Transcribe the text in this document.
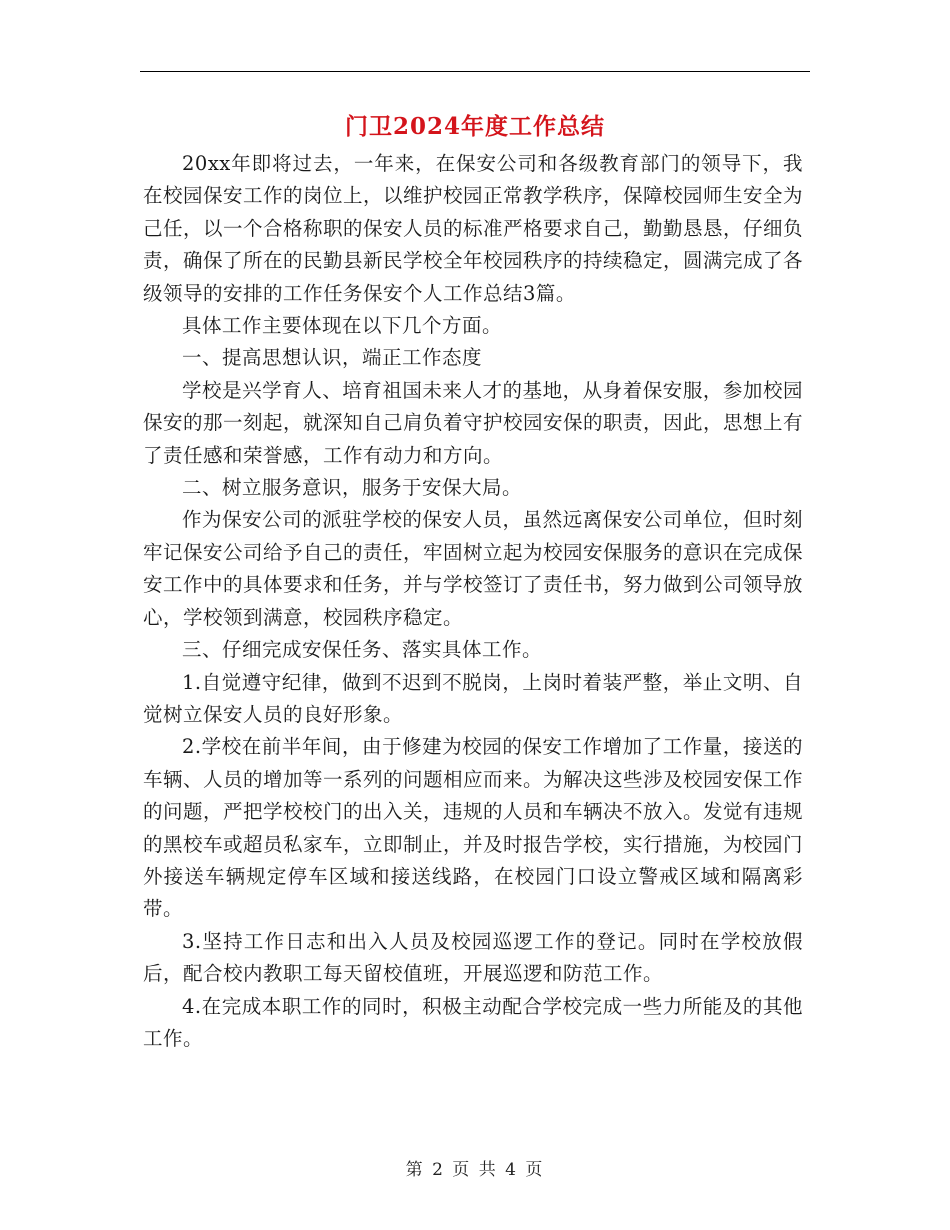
门卫2024年度工作总结

20xx年即将过去，一年来，在保安公司和各级教育部门的领导下，我在校园保安工作的岗位上，以维护校园正常教学秩序，保障校园师生安全为己任，以一个合格称职的保安人员的标准严格要求自己，勤勤恳恳，仔细负责，确保了所在的民勤县新民学校全年校园秩序的持续稳定，圆满完成了各级领导的安排的工作任务保安个人工作总结3篇。

具体工作主要体现在以下几个方面。

一、提高思想认识，端正工作态度

学校是兴学育人、培育祖国未来人才的基地，从身着保安服，参加校园保安的那一刻起，就深知自己肩负着守护校园安保的职责，因此，思想上有了责任感和荣誉感，工作有动力和方向。

二、树立服务意识，服务于安保大局。

作为保安公司的派驻学校的保安人员，虽然远离保安公司单位，但时刻牢记保安公司给予自己的责任，牢固树立起为校园安保服务的意识在完成保安工作中的具体要求和任务，并与学校签订了责任书，努力做到公司领导放心，学校领到满意，校园秩序稳定。

三、仔细完成安保任务、落实具体工作。

1.自觉遵守纪律，做到不迟到不脱岗，上岗时着装严整，举止文明、自觉树立保安人员的良好形象。

2.学校在前半年间，由于修建为校园的保安工作增加了工作量，接送的车辆、人员的增加等一系列的问题相应而来。为解决这些涉及校园安保工作的问题，严把学校校门的出入关，违规的人员和车辆决不放入。发觉有违规的黑校车或超员私家车，立即制止，并及时报告学校，实行措施，为校园门外接送车辆规定停车区域和接送线路，在校园门口设立警戒区域和隔离彩带。

3.坚持工作日志和出入人员及校园巡逻工作的登记。同时在学校放假后，配合校内教职工每天留校值班，开展巡逻和防范工作。

4.在完成本职工作的同时，积极主动配合学校完成一些力所能及的其他工作。

第 2 页 共 4 页
